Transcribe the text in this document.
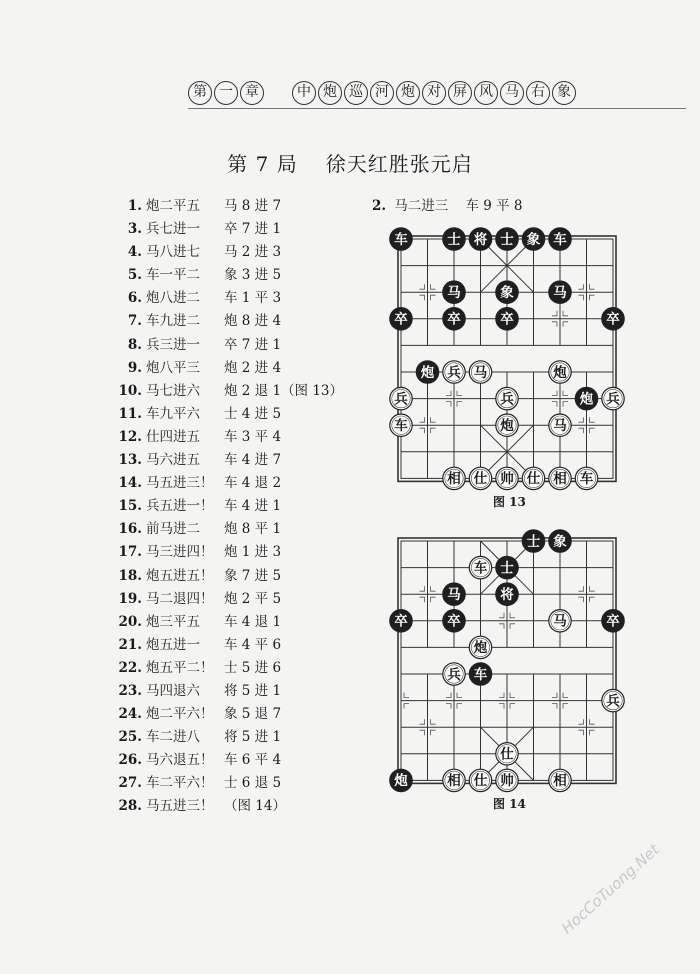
第 一 章	中 炮 巡 河 炮 对 屏 风 马 右 象
第 7 局 徐天红胜张元启
1. 炮二平五 马 8 进 7
3. 兵七进一 卒 7 进 1
4. 马八进七 马 2 进 3
5. 车一平二 象 3 进 5
6. 炮八进二 车 1 平 3
7. 车九进二 炮 8 进 4
8. 兵三进一 卒 7 进 1
9. 炮八平三 炮 2 进 4
10. 马七进六 炮 2 退 1（图 13）
11. 车九平六 士 4 进 5
12. 仕四进五 车 3 平 4
13. 马六进五 车 4 进 7
14. 马五进三！ 车 4 退 2
15. 兵五进一！ 车 4 进 1
16. 前马进二 炮 8 平 1
17. 马三进四！ 炮 1 进 3
18. 炮五进五！ 象 7 进 5
19. 马二退四！ 炮 2 平 5
20. 炮三平五 车 4 退 1
21. 炮五进一 车 4 平 6
22. 炮五平二！ 士 5 进 6
23. 马四退六 将 5 进 1
24. 炮二平六！ 象 5 退 7
25. 车二进八 将 5 进 1
26. 马六退五！ 车 6 平 4
27. 车二平六！ 士 6 退 5
28. 马五进三！ （图 14）
2. 马二进三 车 9 平 8
车	士 将 士 象 车
马	象	马
卒	卒	卒	卒
炮 兵 马	炮
兵	兵	炮 兵
车	炮	马
相 仕 帅 仕 相 车
图 13
士 象
车 士
马	将
卒	卒	马	卒
炮
兵 车
兵
仕
炮	相 仕 帅	相
图 14
HocCoTuong.Net
